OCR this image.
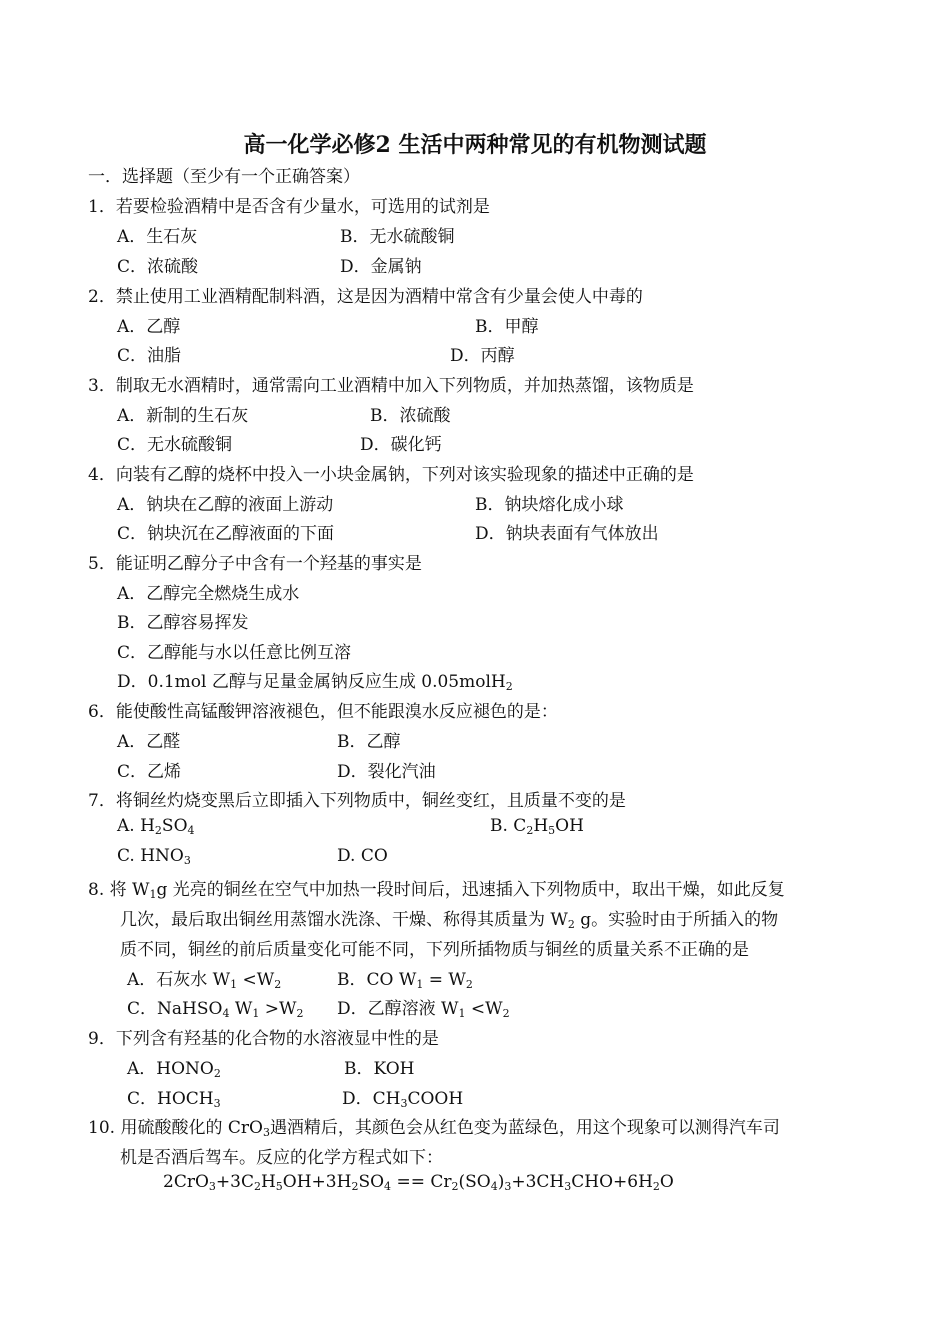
高一化学必修2 生活中两种常见的有机物测试题
一．选择题（至少有一个正确答案）
1．若要检验酒精中是否含有少量水，可选用的试剂是
A．生石灰	B．无水硫酸铜
C．浓硫酸	D．金属钠
2．禁止使用工业酒精配制料酒，这是因为酒精中常含有少量会使人中毒的
A．乙醇	B．甲醇
C．油脂	D．丙醇
3．制取无水酒精时，通常需向工业酒精中加入下列物质，并加热蒸馏，该物质是
A．新制的生石灰	B．浓硫酸
C．无水硫酸铜	D．碳化钙
4．向装有乙醇的烧杯中投入一小块金属钠，下列对该实验现象的描述中正确的是
A．钠块在乙醇的液面上游动	B．钠块熔化成小球
C．钠块沉在乙醇液面的下面	D．钠块表面有气体放出
5．能证明乙醇分子中含有一个羟基的事实是
A．乙醇完全燃烧生成水
B．乙醇容易挥发
C．乙醇能与水以任意比例互溶
D．0.1mol 乙醇与足量金属钠反应生成 0.05molH$_2$
6．能使酸性高锰酸钾溶液褪色，但不能跟溴水反应褪色的是：
A．乙醛	B．乙醇
C．乙烯	D．裂化汽油
7．将铜丝灼烧变黑后立即插入下列物质中，铜丝变红，且质量不变的是
A. $H_2SO_4$	B. $C_2H_5OH$
C. $HNO_3$	D. CO
8. 将 $W_1g$ 光亮的铜丝在空气中加热一段时间后，迅速插入下列物质中，取出干燥，如此反复
几次，最后取出铜丝用蒸馏水洗涤、干燥、称得其质量为 $W_2$ g。实验时由于所插入的物
质不同，铜丝的前后质量变化可能不同，下列所插物质与铜丝的质量关系不正确的是
A．石灰水 $W_1 <W_2$	B．CO $W_1 = W_2$
C．NaHSO$_4$ $W_1 >W_2$ D．乙醇溶液 $W_1 <W_2$
9．下列含有羟基的化合物的水溶液显中性的是
A．$HONO_2$	B．KOH
C．$HOCH_3$	D．$CH_3COOH$
10. 用硫酸酸化的 CrO$_3$遇酒精后，其颜色会从红色变为蓝绿色，用这个现象可以测得汽车司
机是否酒后驾车。反应的化学方程式如下：
$2CrO_3+3C_2H_5OH+3H_2SO_4 == Cr_2(SO_4)_3+3CH_3CHO+6H_2O$
